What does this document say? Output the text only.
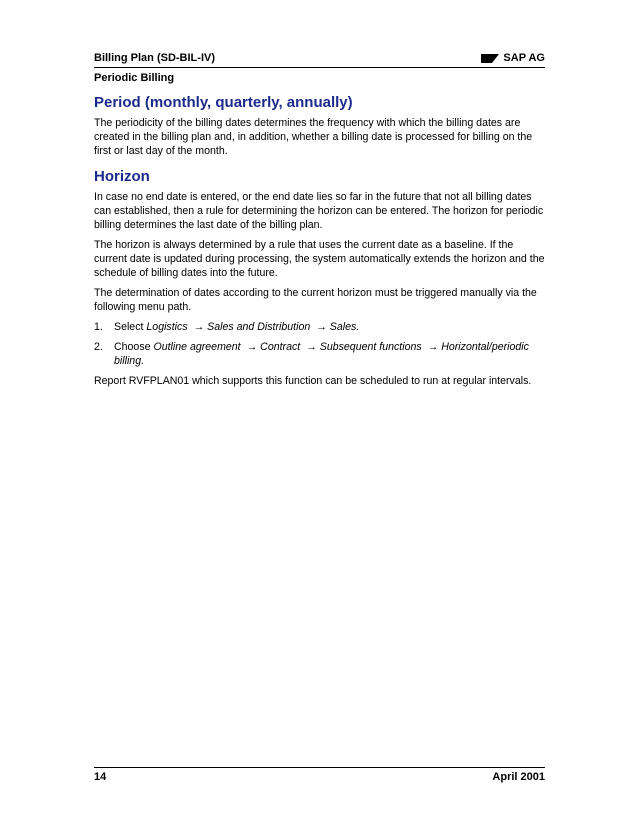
Billing Plan (SD-BIL-IV)	SAP AG
Periodic Billing
Period (monthly, quarterly, annually)

The periodicity of the billing dates determines the frequency with which the billing dates are created in the billing plan and, in addition, whether a billing date is processed for billing on the first or last day of the month.

Horizon

In case no end date is entered, or the end date lies so far in the future that not all billing dates can established, then a rule for determining the horizon can be entered. The horizon for periodic billing determines the last date of the billing plan.

The horizon is always determined by a rule that uses the current date as a baseline. If the current date is updated during processing, the system automatically extends the horizon and the schedule of billing dates into the future.

The determination of dates according to the current horizon must be triggered manually via the following menu path.

1. Select Logistics → Sales and Distribution → Sales.
2. Choose Outline agreement → Contract → Subsequent functions → Horizontal/periodic billing.

Report RVFPLAN01 which supports this function can be scheduled to run at regular intervals.

14	April 2001
